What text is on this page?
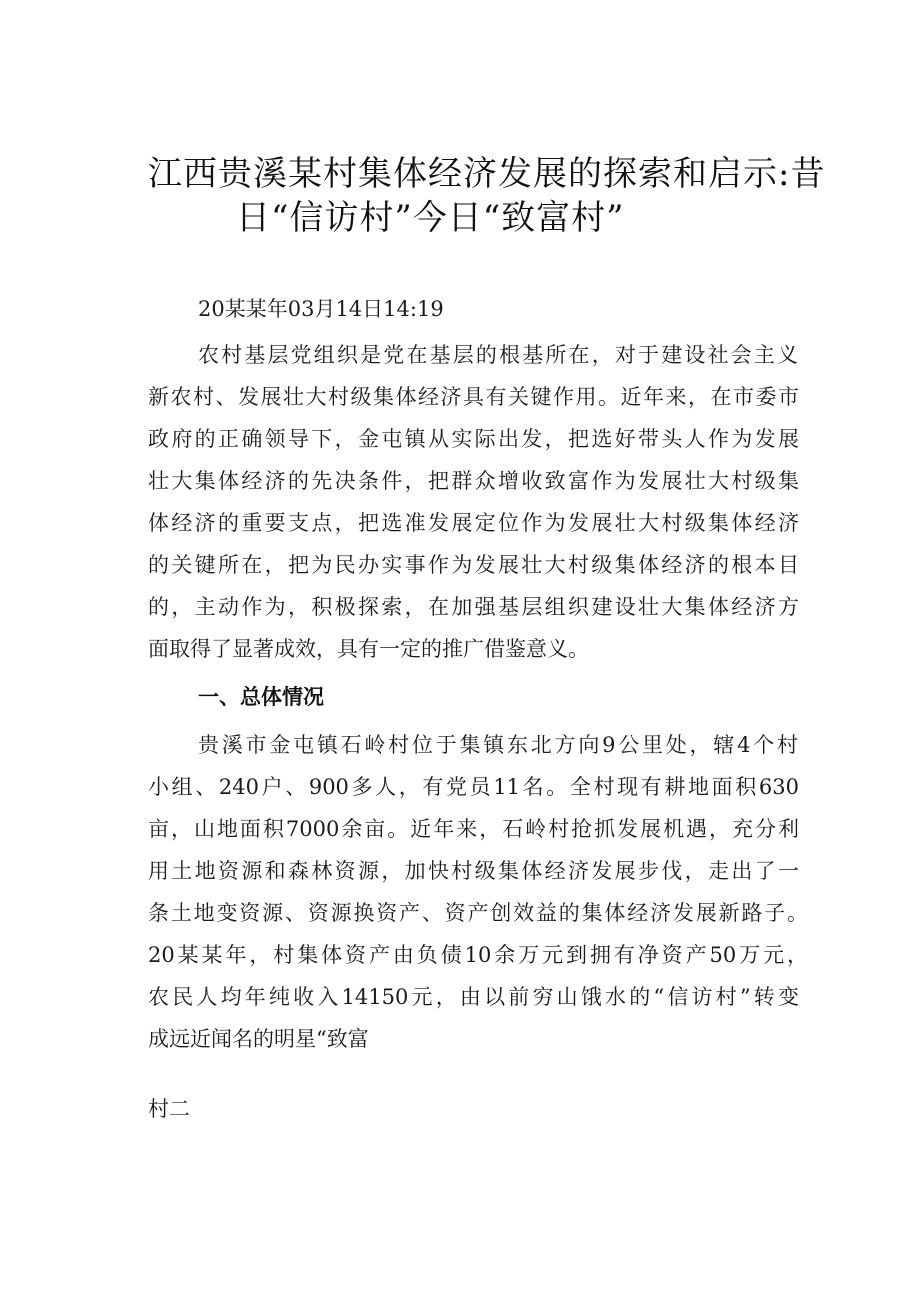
江西贵溪某村集体经济发展的探索和启示:昔
日“信访村”今日“致富村”
20某某年03月14日14:19
农村基层党组织是党在基层的根基所在，对于建设社会主义
新农村、发展壮大村级集体经济具有关键作用。近年来，在市委市
政府的正确领导下，金屯镇从实际出发，把选好带头人作为发展
壮大集体经济的先决条件，把群众增收致富作为发展壮大村级集
体经济的重要支点，把选准发展定位作为发展壮大村级集体经济
的关键所在，把为民办实事作为发展壮大村级集体经济的根本目
的，主动作为，积极探索，在加强基层组织建设壮大集体经济方
面取得了显著成效，具有一定的推广借鉴意义。
一、总体情况
贵溪市金屯镇石岭村位于集镇东北方向9公里处，辖4个村
小组、240户、900多人，有党员11名。全村现有耕地面积630
亩，山地面积7000余亩。近年来，石岭村抢抓发展机遇，充分利
用土地资源和森林资源，加快村级集体经济发展步伐，走出了一
条土地变资源、资源换资产、资产创效益的集体经济发展新路子。
20某某年，村集体资产由负债10余万元到拥有净资产50万元，
农民人均年纯收入14150元，由以前穷山饿水的“信访村”转变
成远近闻名的明星“致富
村二
